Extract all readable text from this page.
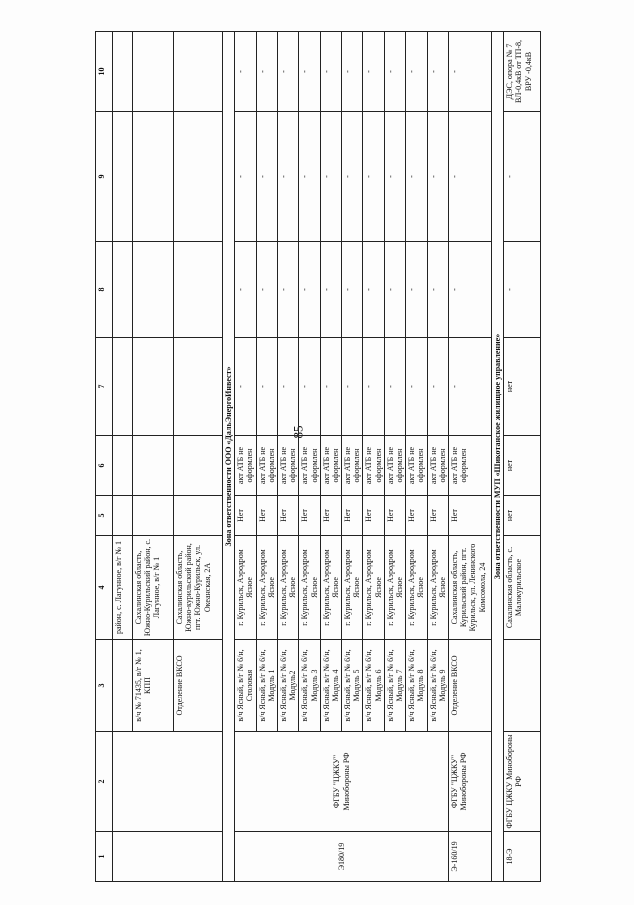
85
1	2	3	4	5	6	7	8	9	10
			район, с. Лагунное, в/г № 1						
		в/ч № 71435, в/г № 1, КПП	Сахалинская область, Южно-Курильский район, с. Лагунное, в/г № 1						
		Отделение ВКСО	Сахалинская область, Южно-курильский район, пгт. Южно-Курильск, ул. Океанская, 2А						
Зона ответственности ООО «ДальЭнергоИнвест»									
Э180/19	ФГБУ "ЦЖКУ" Минобороны РФ	в/ч Ясный, в/г № 6/н, Столовая	г. Курильск, Аэродром Ясное	Нет	акт АТБ не оформлен	-	-	-	-
		в/ч Ясный, в/г № 6/н, Модуль 1	г. Курильск, Аэродром Ясное	Нет	акт АТБ не оформлен	-	-	-	-
		в/ч Ясный, в/г № 6/н, Модуль2	г. Курильск, Аэродром Ясное	Нет	акт АТБ не оформлен	-	-	-	-
		в/ч Ясный, в/г № 6/н, Модуль 3	г. Курильск, Аэродром Ясное	Нет	акт АТБ не оформлен	-	-	-	-
		в/ч Ясный, в/г № 6/н, Модуль 4	г. Курильск, Аэродром Ясное	Нет	акт АТБ не оформлен	-	-	-	-
		в/ч Ясный, в/г № 6/н, Модуль 5	г. Курильск, Аэродром Ясное	Нет	акт АТБ не оформлен	-	-	-	-
		в/ч Ясный, в/г № 6/н, Модуль 6	г. Курильск, Аэродром Ясное	Нет	акт АТБ не оформлен	-	-	-	-
		в/ч Ясный, в/г № 6/н, Модуль 7	г. Курильск, Аэродром Ясное	Нет	акт АТБ не оформлен	-	-	-	-
		в/ч Ясный, в/г № 6/н, Модуль 8	г. Курильск, Аэродром Ясное	Нет	акт АТБ не оформлен	-	-	-	-
		в/ч Ясный, в/г № 6/н, Модуль 9	г. Курильск, Аэродром Ясное	Нет	акт АТБ не оформлен	-	-	-	-
Э-160/19	ФГБУ "ЦЖКУ" Минобороны РФ	Отделение ВКСО	Сахалинская область, Курильский район, пгт. Курильск, ул. Ленинского Комсомола, 24	Нет	акт АТБ не оформлен	-	-	-	-
Зона ответственности МУП «Шикотанское жилищное управление»									
18-Э	ФГБУ ЦЖКУ Минобороны РФ		Сахалинская область, с. Малокурильское	нет	нет	нет	-	-	ДЭС, опора № 7 ВЛ-0,4кВ от ТП-8, ВРУ -0,4кВ
